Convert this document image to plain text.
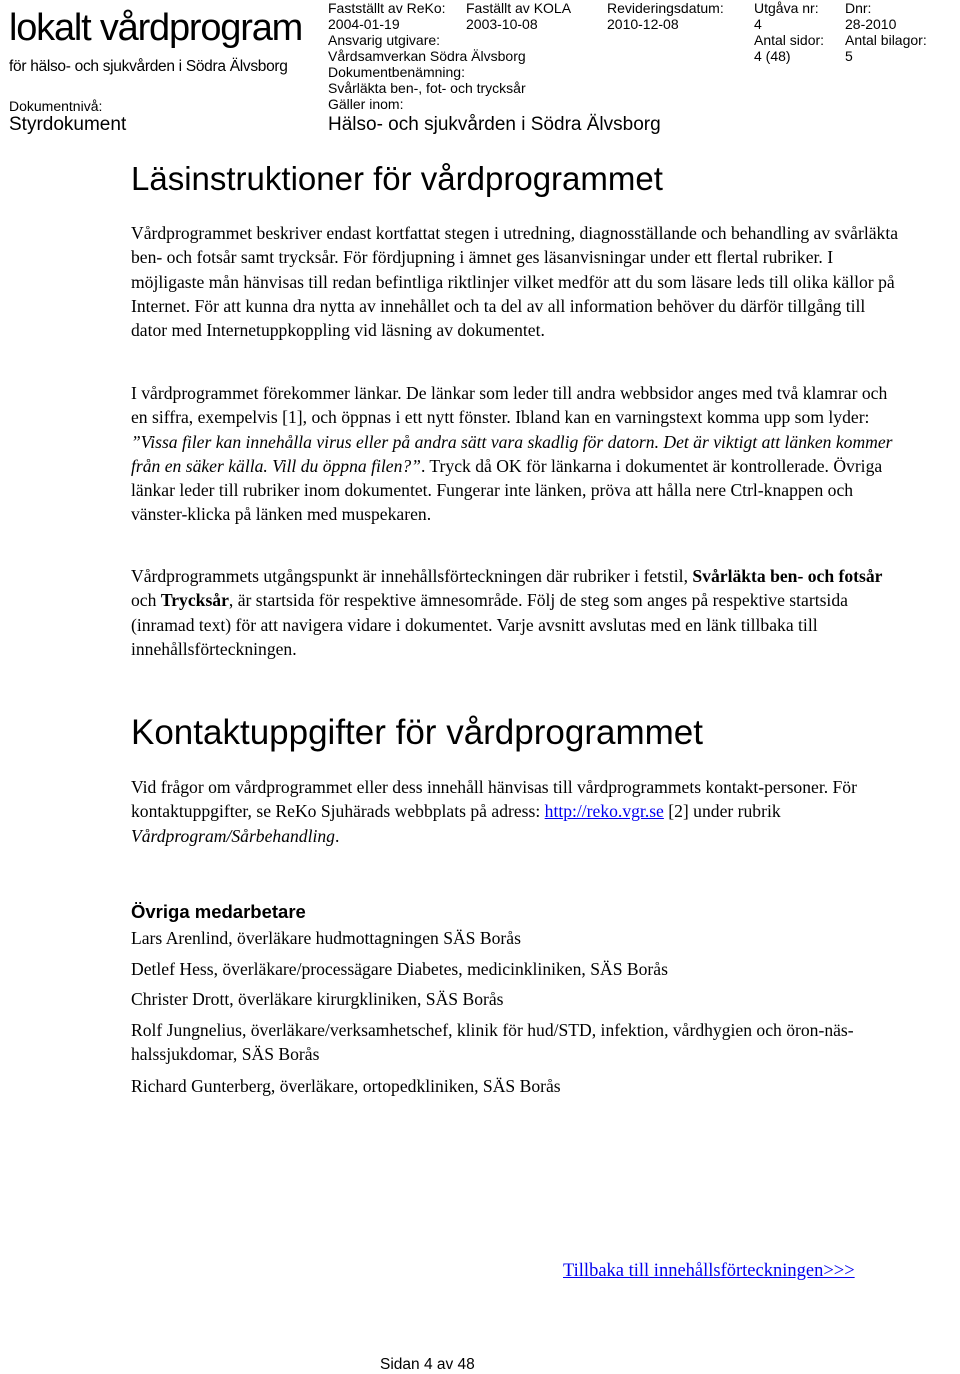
lokalt vårdprogram
för hälso- och sjukvården i Södra Älvsborg
Dokumentnivå:
Styrdokument
Fastställt av ReKo:
2004-01-19
Faställt av KOLA
2003-10-08
Revideringsdatum:
2010-12-08
Utgåva nr:
4
Dnr:
28-2010
Ansvarig utgivare:
Vårdsamverkan Södra Älvsborg
Antal sidor:
4 (48)
Antal bilagor:
5
Dokumentbenämning:
Svårläkta ben-, fot- och trycksår
Gäller inom:
Hälso- och sjukvården i Södra Älvsborg
Läsinstruktioner för vårdprogrammet

Vårdprogrammet beskriver endast kortfattat stegen i utredning, diagnosställande och behandling av svårläkta ben- och fotsår samt trycksår. För fördjupning i ämnet ges läsanvisningar under ett flertal rubriker. I möjligaste mån hänvisas till redan befintliga riktlinjer vilket medför att du som läsare leds till olika källor på Internet. För att kunna dra nytta av innehållet och ta del av all information behöver du därför tillgång till dator med Internetuppkoppling vid läsning av dokumentet.

I vårdprogrammet förekommer länkar. De länkar som leder till andra webbsidor anges med två klamrar och en siffra, exempelvis [1], och öppnas i ett nytt fönster. Ibland kan en varningstext komma upp som lyder: ”Vissa filer kan innehålla virus eller på andra sätt vara skadlig för datorn. Det är viktigt att länken kommer från en säker källa. Vill du öppna filen?”. Tryck då OK för länkarna i dokumentet är kontrollerade. Övriga länkar leder till rubriker inom dokumentet. Fungerar inte länken, pröva att hålla nere Ctrl-knappen och vänster-klicka på länken med muspekaren.

Vårdprogrammets utgångspunkt är innehållsförteckningen där rubriker i fetstil, Svårläkta ben- och fotsår och Trycksår, är startsida för respektive ämnesområde. Följ de steg som anges på respektive startsida (inramad text) för att navigera vidare i dokumentet. Varje avsnitt avslutas med en länk tillbaka till innehållsförteckningen.

Kontaktuppgifter för vårdprogrammet

Vid frågor om vårdprogrammet eller dess innehåll hänvisas till vårdprogrammets kontakt-personer. För kontaktuppgifter, se ReKo Sjuhärads webbplats på adress: http://reko.vgr.se [2] under rubrik Vårdprogram/Sårbehandling.

Övriga medarbetare
Lars Arenlind, överläkare hudmottagningen SÄS Borås
Detlef Hess, överläkare/processägare Diabetes, medicinkliniken, SÄS Borås
Christer Drott, överläkare kirurgkliniken, SÄS Borås
Rolf Jungnelius, överläkare/verksamhetschef, klinik för hud/STD, infektion, vårdhygien och öron-näs-halssjukdomar, SÄS Borås
Richard Gunterberg, överläkare, ortopedkliniken, SÄS Borås
Tillbaka till innehållsförteckningen>>>
Sidan 4 av 48
